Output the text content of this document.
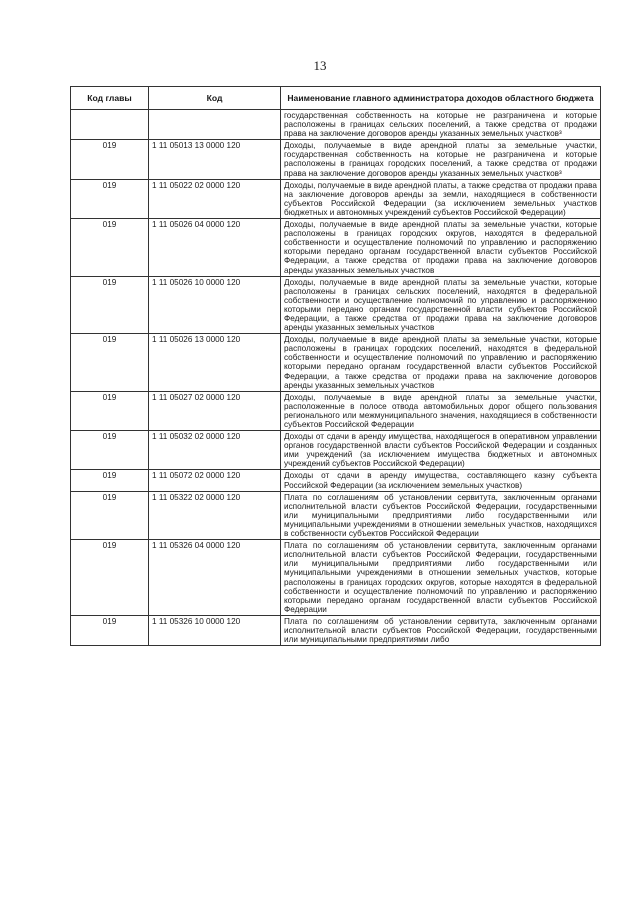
13
Код главы	Код	Наименование главного администратора доходов областного бюджета
		государственная собственность на которые не разграничена и которые расположены в границах сельских поселений, а также средства от продажи права на заключение договоров аренды указанных земельных участков³
019	1 11 05013 13 0000 120	Доходы, получаемые в виде арендной платы за земельные участки, государственная собственность на которые не разграничена и которые расположены в границах городских поселений, а также средства от продажи права на заключение договоров аренды указанных земельных участков³
019	1 11 05022 02 0000 120	Доходы, получаемые в виде арендной платы, а также средства от продажи права на заключение договоров аренды за земли, находящиеся в собственности субъектов Российской Федерации (за исключением земельных участков бюджетных и автономных учреждений субъектов Российской Федерации)
019	1 11 05026 04 0000 120	Доходы, получаемые в виде арендной платы за земельные участки, которые расположены в границах городских округов, находятся в федеральной собственности и осуществление полномочий по управлению и распоряжению которыми передано органам государственной власти субъектов Российской Федерации, а также средства от продажи права на заключение договоров аренды указанных земельных участков
019	1 11 05026 10 0000 120	Доходы, получаемые в виде арендной платы за земельные участки, которые расположены в границах сельских поселений, находятся в федеральной собственности и осуществление полномочий по управлению и распоряжению которыми передано органам государственной власти субъектов Российской Федерации, а также средства от продажи права на заключение договоров аренды указанных земельных участков
019	1 11 05026 13 0000 120	Доходы, получаемые в виде арендной платы за земельные участки, которые расположены в границах городских поселений, находятся в федеральной собственности и осуществление полномочий по управлению и распоряжению которыми передано органам государственной власти субъектов Российской Федерации, а также средства от продажи права на заключение договоров аренды указанных земельных участков
019	1 11 05027 02 0000 120	Доходы, получаемые в виде арендной платы за земельные участки, расположенные в полосе отвода автомобильных дорог общего пользования регионального или межмуниципального значения, находящиеся в собственности субъектов Российской Федерации
019	1 11 05032 02 0000 120	Доходы от сдачи в аренду имущества, находящегося в оперативном управлении органов государственной власти субъектов Российской Федерации и созданных ими учреждений (за исключением имущества бюджетных и автономных учреждений субъектов Российской Федерации)
019	1 11 05072 02 0000 120	Доходы от сдачи в аренду имущества, составляющего казну субъекта Российской Федерации (за исключением земельных участков)
019	1 11 05322 02 0000 120	Плата по соглашениям об установлении сервитута, заключенным органами исполнительной власти субъектов Российской Федерации, государственными или муниципальными предприятиями либо государственными или муниципальными учреждениями в отношении земельных участков, находящихся в собственности субъектов Российской Федерации
019	1 11 05326 04 0000 120	Плата по соглашениям об установлении сервитута, заключенным органами исполнительной власти субъектов Российской Федерации, государственными или муниципальными предприятиями либо государственными или муниципальными учреждениями в отношении земельных участков, которые расположены в границах городских округов, которые находятся в федеральной собственности и осуществление полномочий по управлению и распоряжению которыми передано органам государственной власти субъектов Российской Федерации
019	1 11 05326 10 0000 120	Плата по соглашениям об установлении сервитута, заключенным органами исполнительной власти субъектов Российской Федерации, государственными или муниципальными предприятиями либо
